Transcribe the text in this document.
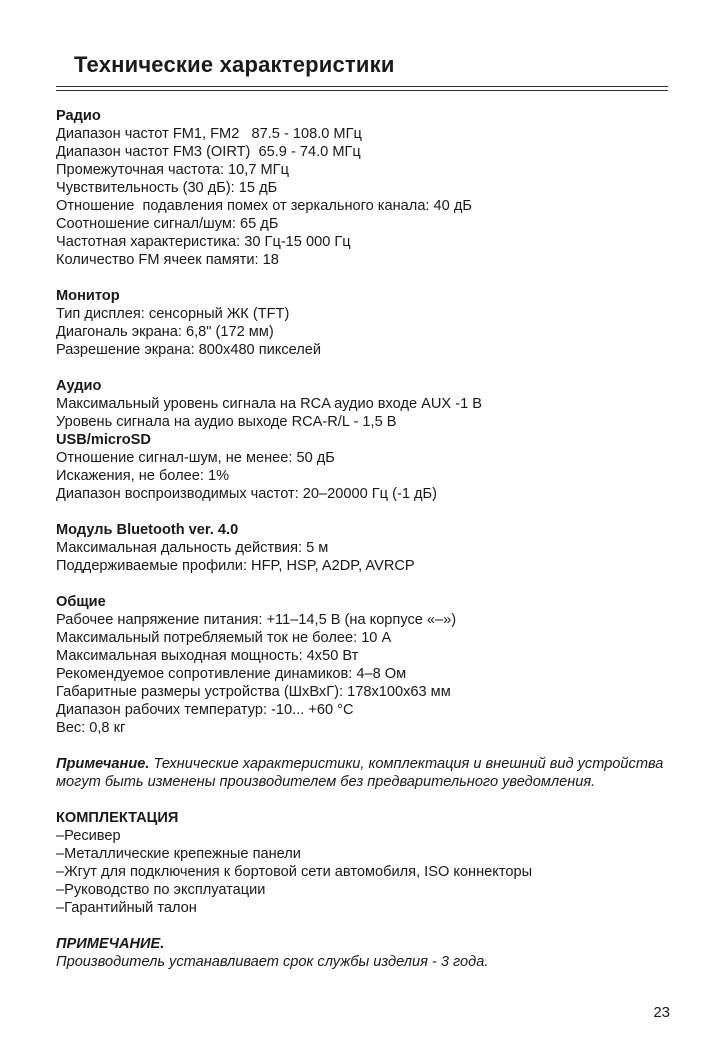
Технические характеристики
Радио
Диапазон частот FM1, FM2   87.5 - 108.0 МГц
Диапазон частот FM3 (OIRT)  65.9 - 74.0 МГц
Промежуточная частота: 10,7 МГц
Чувствительность (30 дБ): 15 дБ
Отношение  подавления помех от зеркального канала: 40 дБ
Соотношение сигнал/шум: 65 дБ
Частотная характеристика: 30 Гц-15 000 Гц
Количество FM ячеек памяти: 18
Монитор
Тип дисплея: сенсорный ЖК (TFT)
Диагональ экрана: 6,8" (172 мм)
Разрешение экрана: 800х480 пикселей
Аудио
Максимальный уровень сигнала на RCA аудио входе AUX -1 В
Уровень сигнала на аудио выходе RCA-R/L - 1,5 В
USB/microSD
Отношение сигнал-шум, не менее: 50 дБ
Искажения, не более: 1%
Диапазон воспроизводимых частот: 20–20000 Гц (-1 дБ)
Модуль Bluetooth ver. 4.0
Максимальная дальность действия: 5 м
Поддерживаемые профили: HFP, HSP, A2DP, AVRCP
Общие
Рабочее напряжение питания: +11–14,5 В (на корпусе «–»)
Максимальный потребляемый ток не более: 10 А
Максимальная выходная мощность: 4х50 Вт
Рекомендуемое сопротивление динамиков: 4–8 Ом
Габаритные размеры устройства (ШхВхГ): 178х100х63 мм
Диапазон рабочих температур: -10... +60 °С
Вес: 0,8 кг
Примечание. Технические характеристики, комплектация и внешний вид устройства могут быть изменены производителем без предварительного уведомления.
КОМПЛЕКТАЦИЯ
–Ресивер
–Металлические крепежные панели
–Жгут для подключения к бортовой сети автомобиля, ISO коннекторы
–Руководство по эксплуатации
–Гарантийный талон
ПРИМЕЧАНИЕ.
Производитель устанавливает срок службы изделия - 3 года.
23
